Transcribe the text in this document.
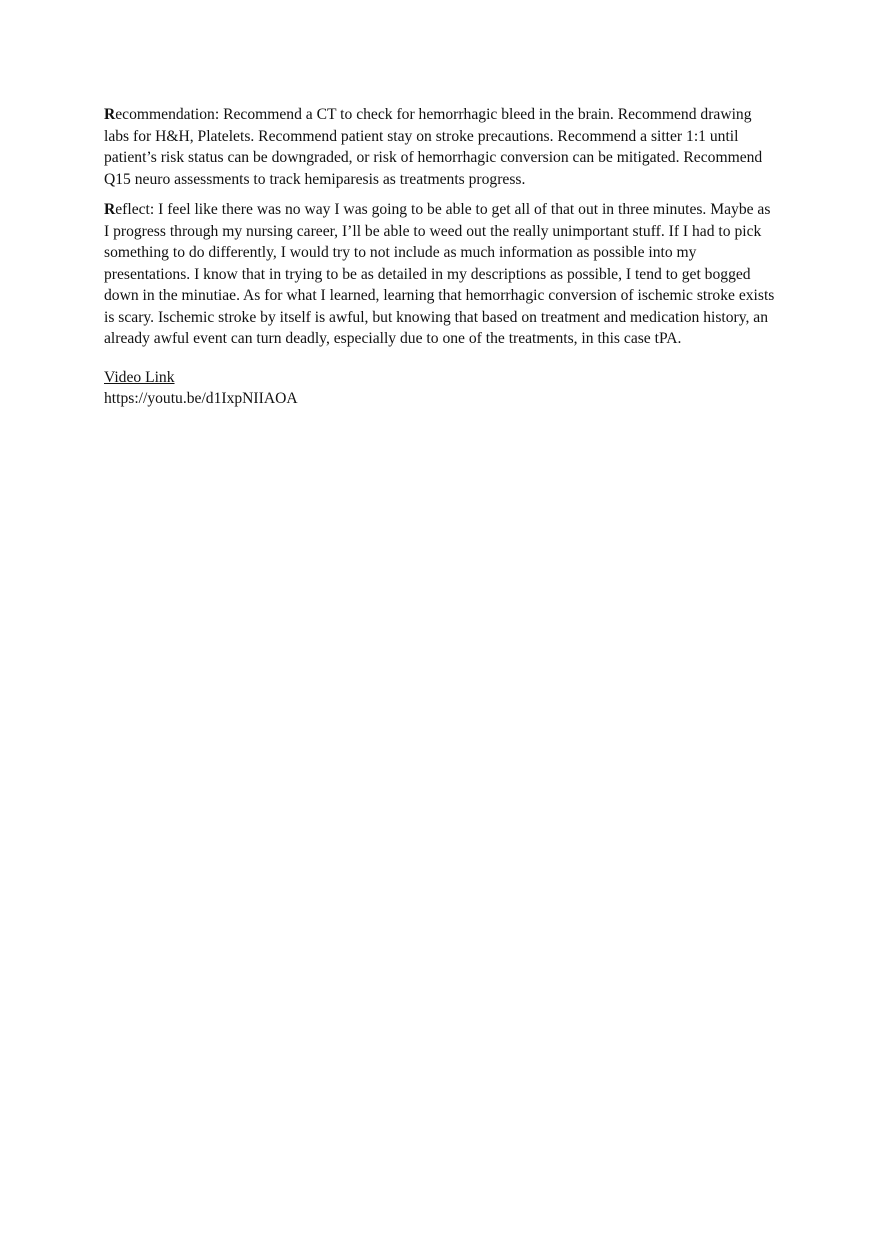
Recommendation: Recommend a CT to check for hemorrhagic bleed in the brain. Recommend drawing labs for H&H, Platelets. Recommend patient stay on stroke precautions. Recommend a sitter 1:1 until patient’s risk status can be downgraded, or risk of hemorrhagic conversion can be mitigated. Recommend Q15 neuro assessments to track hemiparesis as treatments progress.

Reflect: I feel like there was no way I was going to be able to get all of that out in three minutes. Maybe as I progress through my nursing career, I’ll be able to weed out the really unimportant stuff. If I had to pick something to do differently, I would try to not include as much information as possible into my presentations. I know that in trying to be as detailed in my descriptions as possible, I tend to get bogged down in the minutiae. As for what I learned, learning that hemorrhagic conversion of ischemic stroke exists is scary. Ischemic stroke by itself is awful, but knowing that based on treatment and medication history, an already awful event can turn deadly, especially due to one of the treatments, in this case tPA.

Video Link

https://youtu.be/d1IxpNIIAOA
